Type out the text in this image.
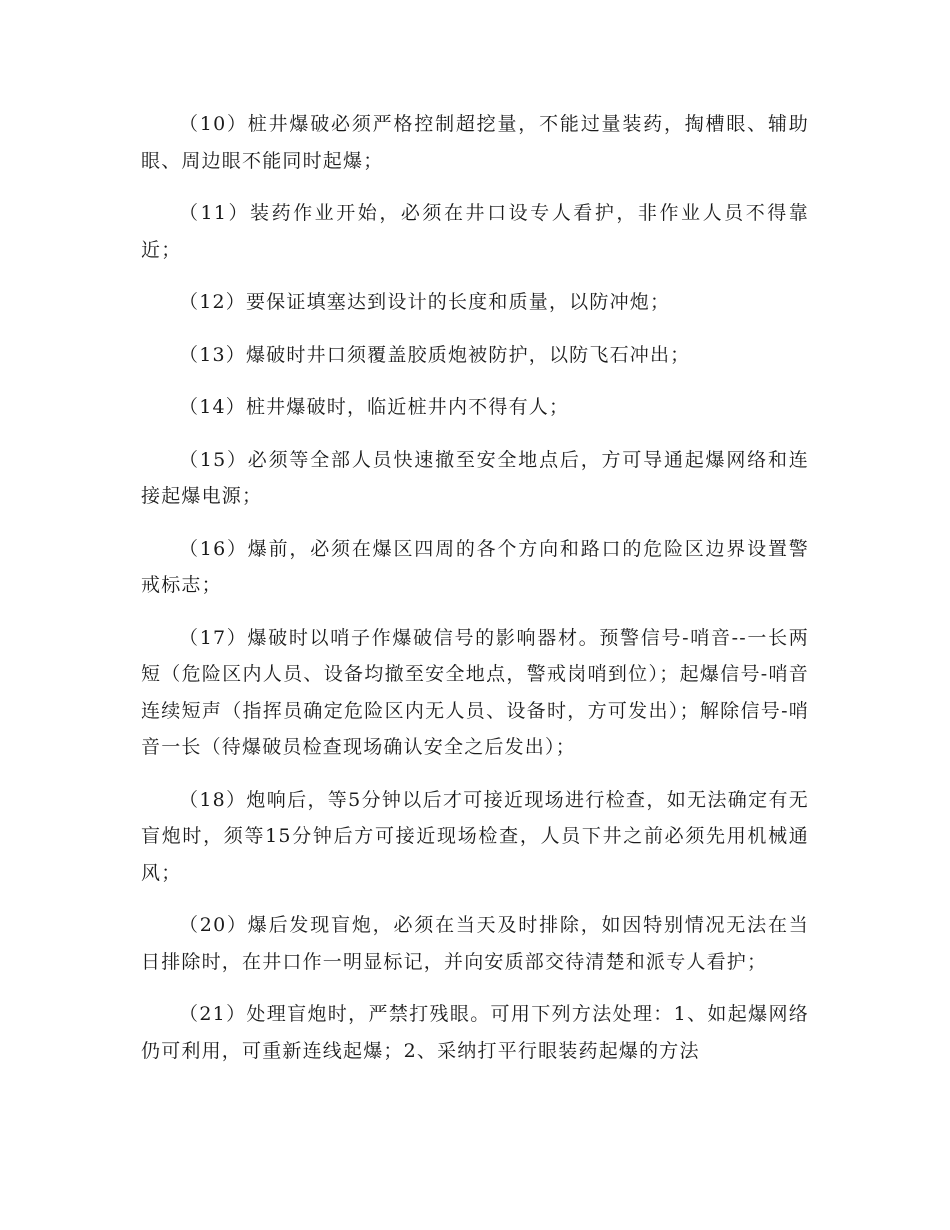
（10）桩井爆破必须严格控制超挖量，不能过量装药，掏槽眼、辅助眼、周边眼不能同时起爆；

（11）装药作业开始，必须在井口设专人看护，非作业人员不得靠近；

（12）要保证填塞达到设计的长度和质量，以防冲炮；

（13）爆破时井口须覆盖胶质炮被防护，以防飞石冲出；

（14）桩井爆破时，临近桩井内不得有人；

（15）必须等全部人员快速撤至安全地点后，方可导通起爆网络和连接起爆电源；

（16）爆前，必须在爆区四周的各个方向和路口的危险区边界设置警戒标志；

（17）爆破时以哨子作爆破信号的影响器材。预警信号-哨音--一长两短（危险区内人员、设备均撤至安全地点，警戒岗哨到位）；起爆信号-哨音连续短声（指挥员确定危险区内无人员、设备时，方可发出）；解除信号-哨音一长（待爆破员检查现场确认安全之后发出）；

（18）炮响后，等5分钟以后才可接近现场进行检查，如无法确定有无盲炮时，须等15分钟后方可接近现场检查，人员下井之前必须先用机械通风；

（20）爆后发现盲炮，必须在当天及时排除，如因特别情况无法在当日排除时，在井口作一明显标记，并向安质部交待清楚和派专人看护；

（21）处理盲炮时，严禁打残眼。可用下列方法处理：1、如起爆网络仍可利用，可重新连线起爆；2、采纳打平行眼装药起爆的方法
